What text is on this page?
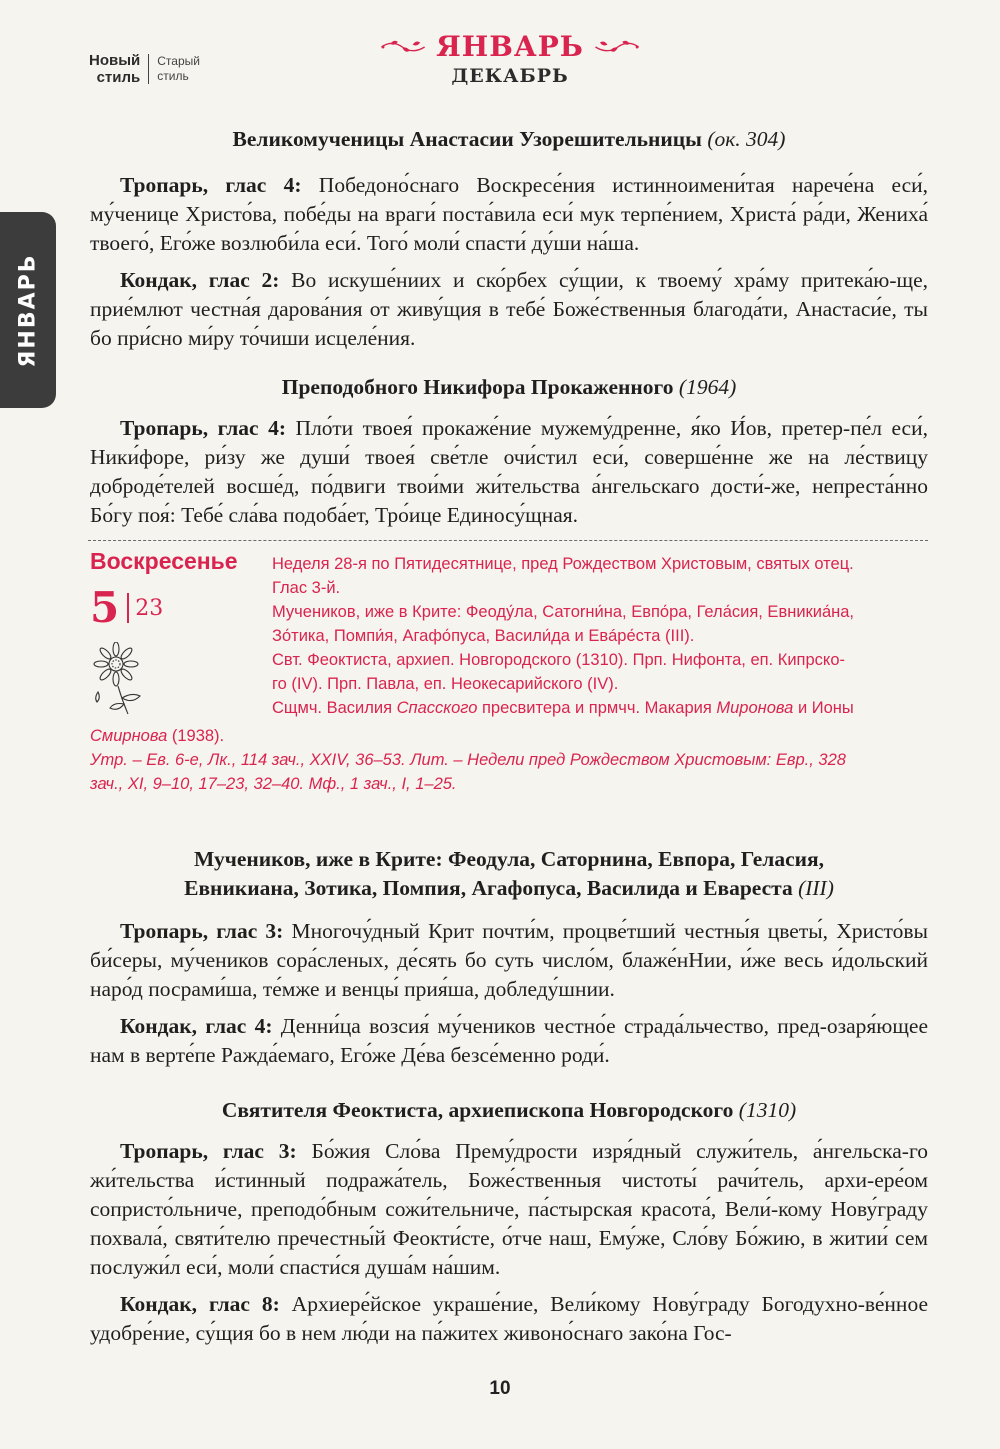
ЯНВАРЬ
Новый
стиль
Старый
стиль
ЯНВАРЬ
ДЕКАБРЬ

Великомученицы Анастасии Узорешительницы (ок. 304)

Тропарь, глас 4: Победоно́снаго Воскресе́ния истинноимени́тая нарече́на еси́, му́ченице Христо́ва, побе́ды на враги́ поста́вила еси́ мук терпе́нием, Христа́ ра́ди, Жениха́ твоего́, Его́же возлюби́ла еси́. Того́ моли́ спасти́ ду́ши на́ша.

Кондак, глас 2: Во искуше́ниих и ско́рбех су́щии, к твоему́ хра́му притека́ю-ще, прие́млют честна́я дарова́ния от живу́щия в тебе́ Боже́ственныя благода́ти, Анастаси́е, ты бо при́сно ми́ру то́чиши исцеле́ния.

Преподобного Никифора Прокаженного (1964)

Тропарь, глас 4: Пло́ти твоея́ прокаже́ние мужему́дренне, я́ко И́ов, претер-пе́л еси́, Ники́форе, ри́зу же души́ твоея́ све́тле очи́стил еси́, соверше́нне же на ле́ствицу доброде́телей восше́д, по́двиги твои́ми жи́тельства а́нгельскаго дости́-же, непреста́нно Бо́гу поя́: Тебе́ сла́ва подоба́ет, Тро́ице Единосу́щная.

Воскресенье
5 23

Неделя 28-я по Пятидесятнице, пред Рождеством Христовым, святых отец.

Глас 3-й.

Мучеников, иже в Крите: Феоду́ла, Сатorни́на, Евпо́ра, Гела́сия, Евникиа́на,

Зо́тика, Помпи́я, Агафо́пуса, Васили́да и Евáре́ста (III).

Свт. Феоктиста, архиеп. Новгородского (1310). Прп. Нифонта, еп. Кипрско-

го (IV). Прп. Павла, еп. Неокесарийского (IV).

Сщмч. Василия Спасского пресвитера и прмчч. Макария Миронова и Ионы

Смирнова (1938).

Утр. – Ев. 6-е, Лк., 114 зач., XXIV, 36–53. Лит. – Недели пред Рождеством Христовым: Евр., 328

зач., XI, 9–10, 17–23, 32–40. Мф., 1 зач., I, 1–25.

Мучеников, иже в Крите: Феодула, Саторнина, Евпора, Геласия,
Евникиана, Зотика, Помпия, Агафопуса, Василида и Евареста (III)

Тропарь, глас 3: Многочу́дный Крит почти́м, процве́тший честны́я цветы́, Христо́вы би́серы, му́чеников сора́сленых, де́сять бо суть число́м, блаже́нНии, и́же весь и́дольский наро́д посрами́ша, те́мже и венцы́ прия́ша, добледу́шнии.

Кондак, глас 4: Денни́ца возсия́ му́чеников честно́е страда́льчество, пред-озаря́ющее нам в верте́пе Ражда́емаго, Его́же Де́ва безсе́менно роди́.

Святителя Феоктиста, архиепископа Новгородского (1310)

Тропарь, глас 3: Бо́жия Сло́ва Прему́дрости изря́дный служи́тель, а́нгельска-го жи́тельства и́стинный подража́тель, Боже́ственныя чистоты́ рачи́тель, архи-ере́ом сопристо́льниче, преподо́бным сожи́тельниче, па́стырская красота́, Вели́-кому Нову́граду похвала́, святи́телю пречестны́й Феокти́сте, о́тче наш, Ему́же, Сло́ву Бо́жию, в житии́ сем послужи́л еси́, моли́ спасти́ся душа́м на́шим.

Кондак, глас 8: Архиере́йское украше́ние, Вели́кому Нову́граду Богодухно-ве́нное удобре́ние, су́щия бо в нем лю́ди на па́житех живоно́снаго зако́на Гос-

10
